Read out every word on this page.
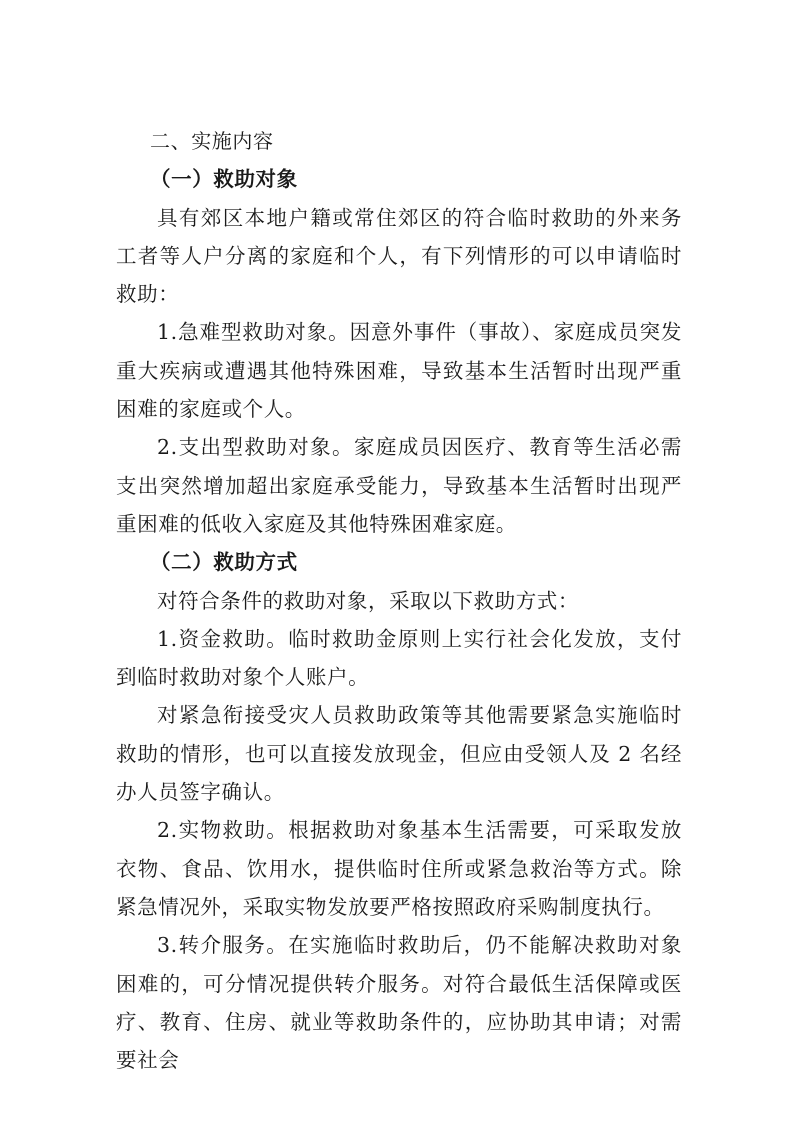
二、实施内容

（一）救助对象

具有郊区本地户籍或常住郊区的符合临时救助的外来务工者等人户分离的家庭和个人，有下列情形的可以申请临时救助：

1.急难型救助对象。因意外事件（事故）、家庭成员突发重大疾病或遭遇其他特殊困难，导致基本生活暂时出现严重困难的家庭或个人。

2.支出型救助对象。家庭成员因医疗、教育等生活必需支出突然增加超出家庭承受能力，导致基本生活暂时出现严重困难的低收入家庭及其他特殊困难家庭。

（二）救助方式

对符合条件的救助对象，采取以下救助方式：

1.资金救助。临时救助金原则上实行社会化发放，支付到临时救助对象个人账户。

对紧急衔接受灾人员救助政策等其他需要紧急实施临时救助的情形，也可以直接发放现金，但应由受领人及 2 名经办人员签字确认。

2.实物救助。根据救助对象基本生活需要，可采取发放衣物、食品、饮用水，提供临时住所或紧急救治等方式。除紧急情况外，采取实物发放要严格按照政府采购制度执行。

3.转介服务。在实施临时救助后，仍不能解决救助对象困难的，可分情况提供转介服务。对符合最低生活保障或医疗、教育、住房、就业等救助条件的，应协助其申请；对需要社会
